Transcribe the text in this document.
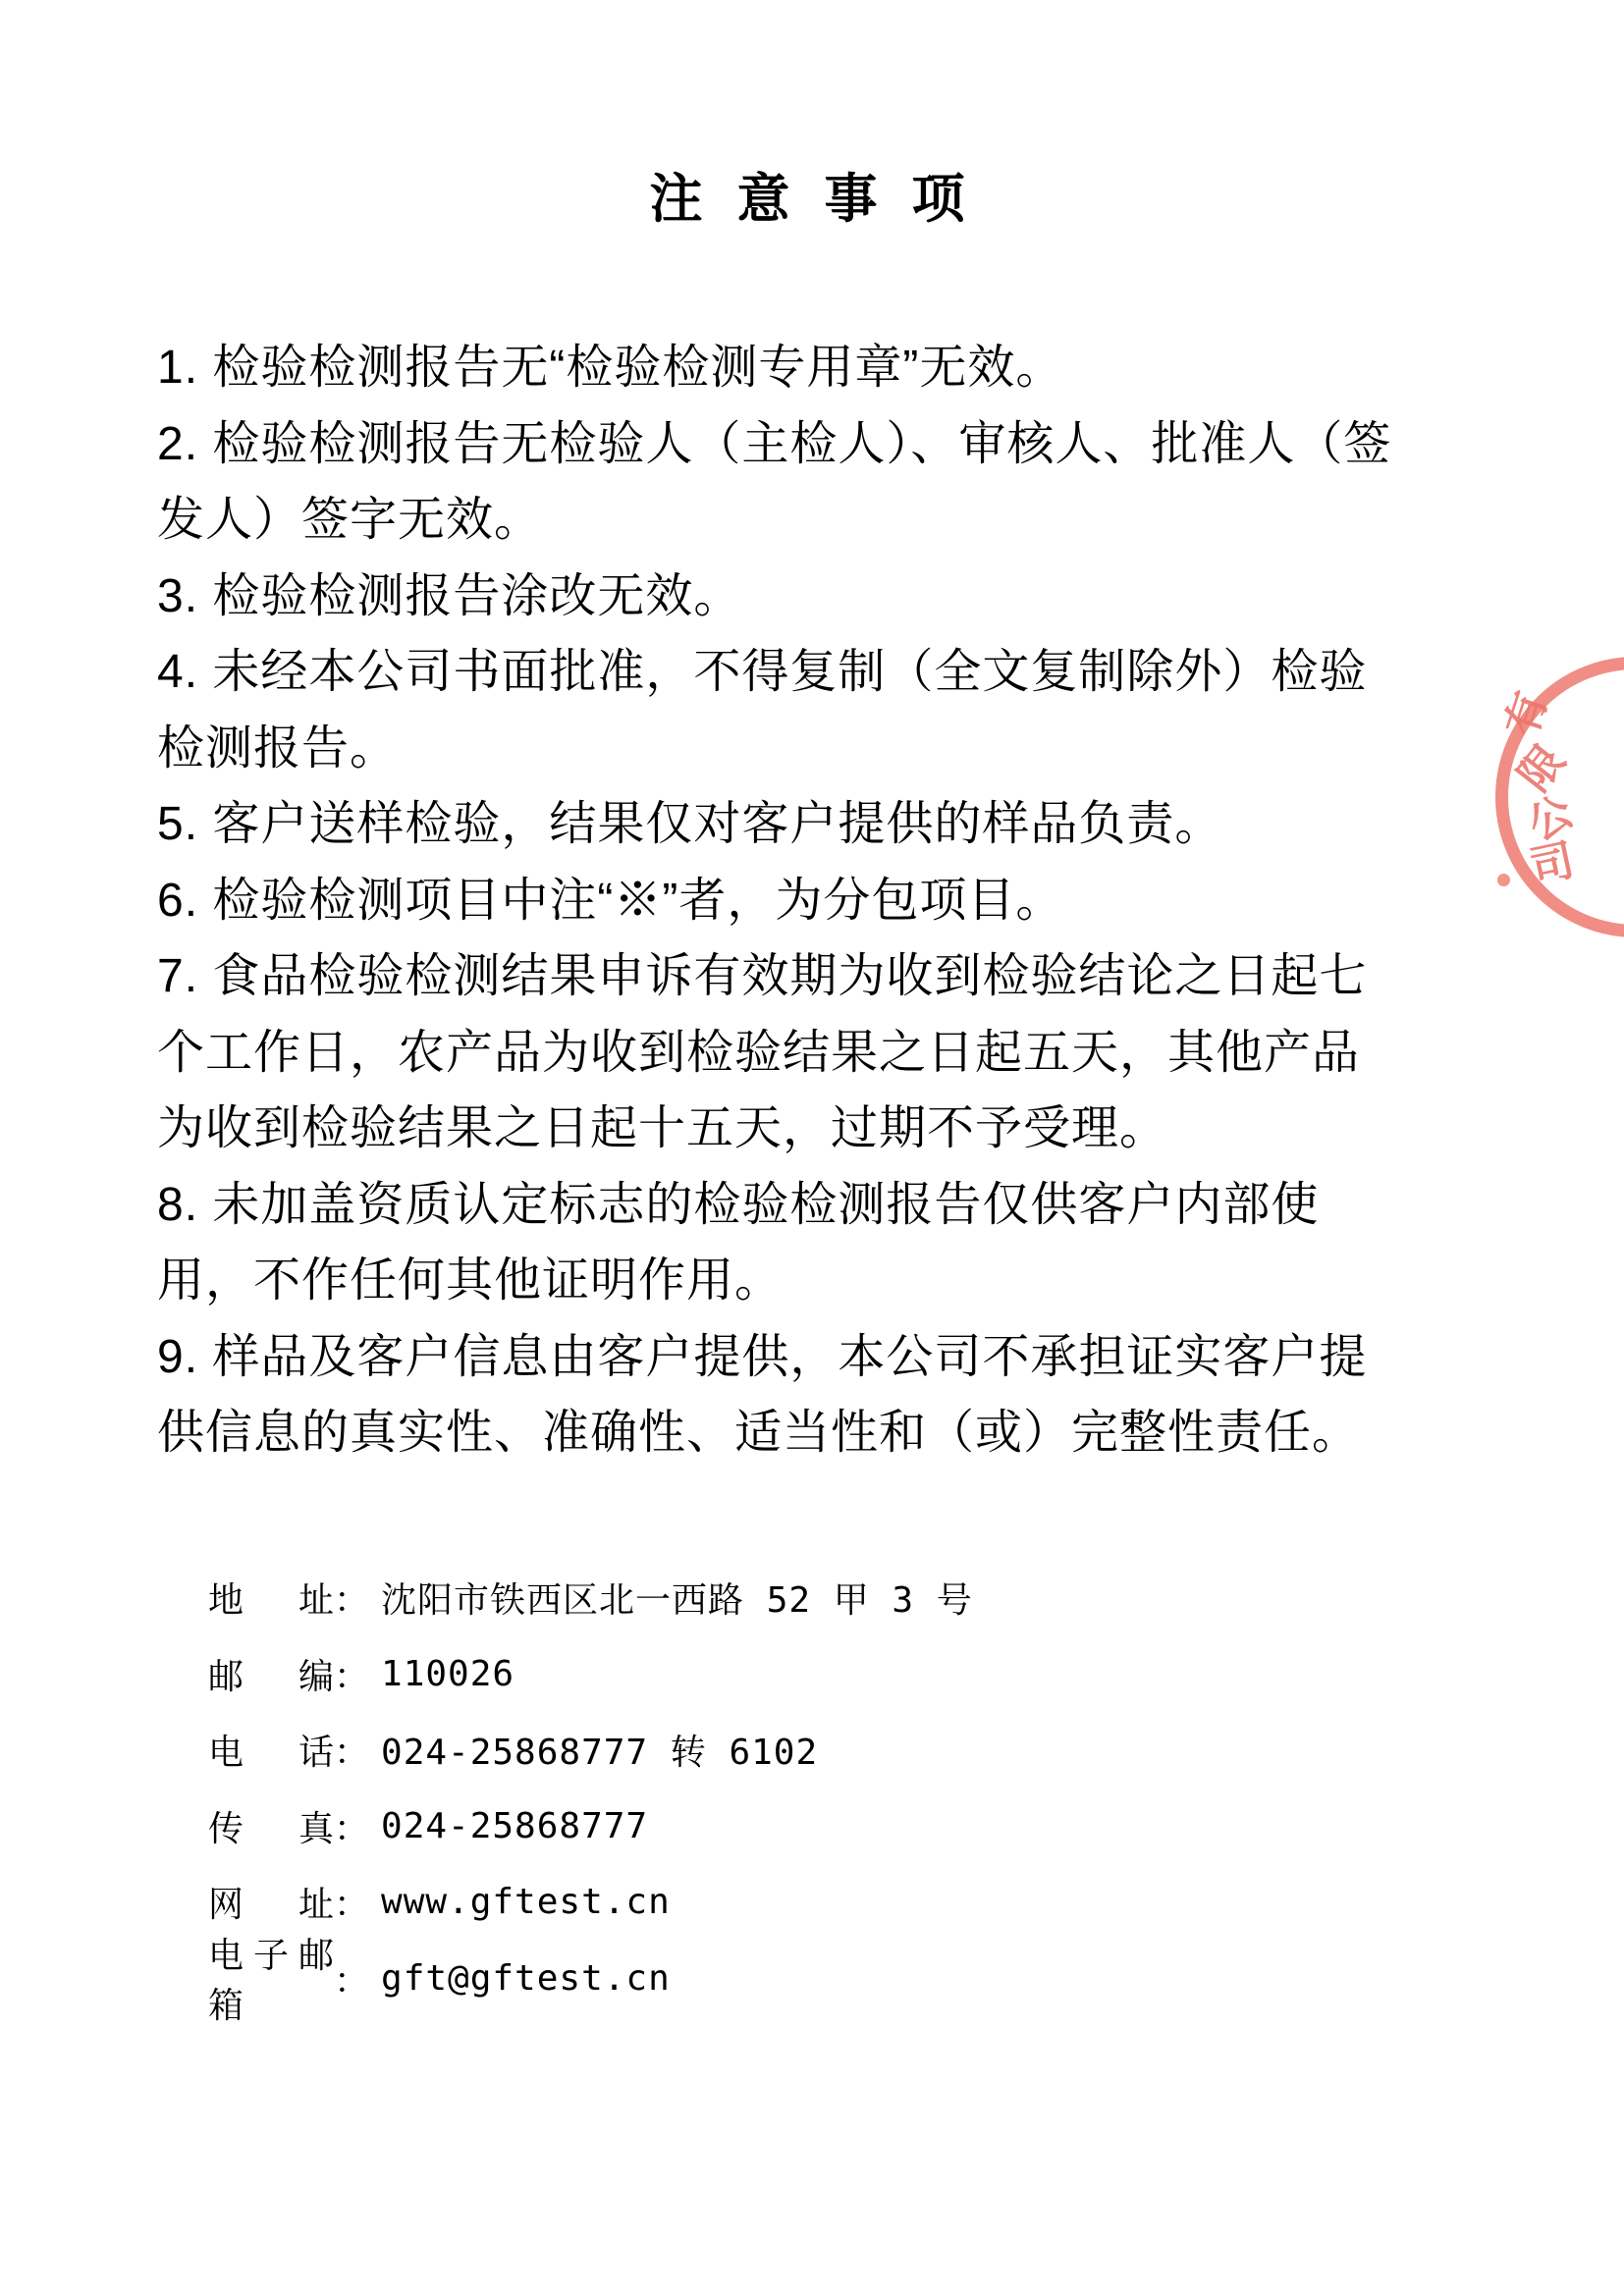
注 意 事 项
1. 检验检测报告无“检验检测专用章”无效。
2. 检验检测报告无检验人（主检人）、审核人、批准人（签
发人）签字无效。
3. 检验检测报告涂改无效。
4. 未经本公司书面批准，不得复制（全文复制除外）检验
检测报告。
5. 客户送样检验，结果仅对客户提供的样品负责。
6. 检验检测项目中注“※”者，为分包项目。
7. 食品检验检测结果申诉有效期为收到检验结论之日起七
个工作日，农产品为收到检验结果之日起五天，其他产品
为收到检验结果之日起十五天，过期不予受理。
8. 未加盖资质认定标志的检验检测报告仅供客户内部使
用，不作任何其他证明作用。
9. 样品及客户信息由客户提供，本公司不承担证实客户提
供信息的真实性、准确性、适当性和（或）完整性责任。
地址 ： 沈阳市铁西区北一西路 52 甲 3 号
邮编 ： 110026
电话 ： 024-25868777 转 6102
传真 ： 024-25868777
网址 ： www.gftest.cn
电子邮箱
： gft@gftest.cn
有
限
公
司
